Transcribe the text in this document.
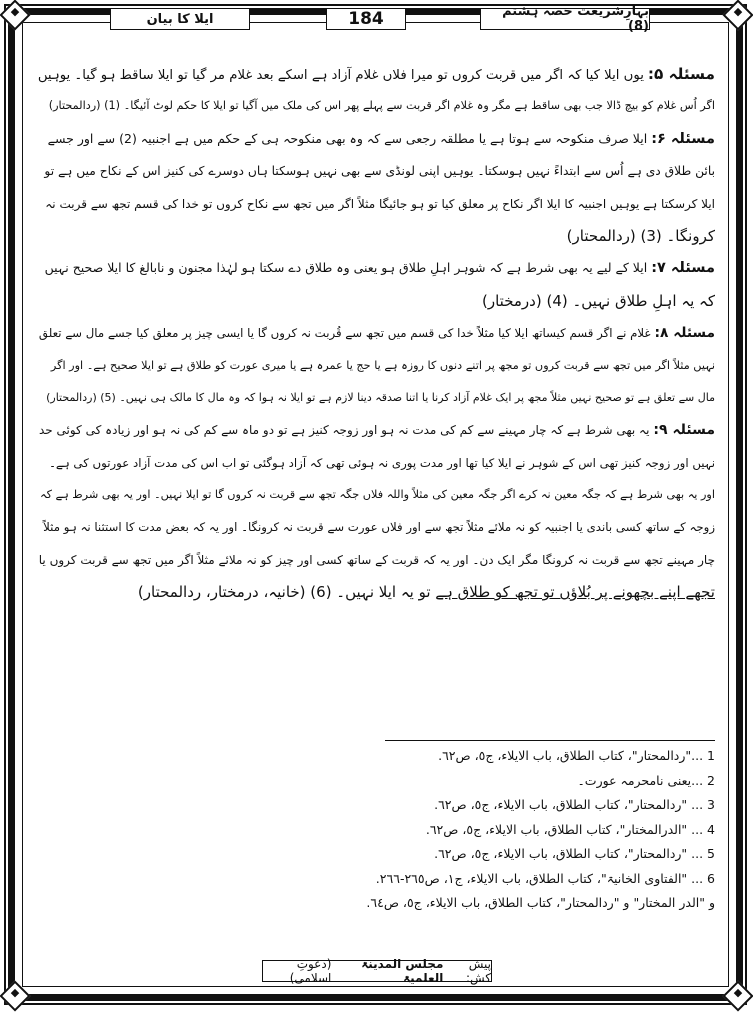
بہارِشریعت حصہ ہشتم (8)
184
ایلا کا بیان
مسئلہ ۵:یوں ایلا کیا کہ اگر میں قربت کروں تو میرا فلاں غلام آزاد ہے اسکے بعد غلام مر گیا تو ایلا ساقط ہو گیا۔ یوہیں
اگر اُس غلام کو بیچ ڈالا جب بھی ساقط ہے مگر وہ غلام اگر قربت سے پہلے پھر اس کی ملک میں آگیا تو ایلا کا حکم لوٹ آئیگا۔ (1) (ردالمحتار)
مسئلہ ۶:ایلا صرف منکوحہ سے ہوتا ہے یا مطلقہ رجعی سے کہ وہ بھی منکوحہ ہی کے حکم میں ہے اجنبیہ (2) سے اور جسے
بائن طلاق دی ہے اُس سے ابتداءً نہیں ہوسکتا۔ یوہیں اپنی لونڈی سے بھی نہیں ہوسکتا ہاں دوسرے کی کنیز اس کے نکاح میں ہے تو
ایلا کرسکتا ہے یوہیں اجنبیہ کا ایلا اگر نکاح پر معلق کیا تو ہو جائیگا مثلاً اگر میں تجھ سے نکاح کروں تو خدا کی قسم تجھ سے قربت نہ
کرونگا۔ (3) (ردالمحتار)
مسئلہ ۷:ایلا کے لیے یہ بھی شرط ہے کہ شوہر اہلِ طلاق ہو یعنی وہ طلاق دے سکتا ہو لہٰذا مجنون و نابالغ کا ایلا صحیح نہیں
کہ یہ اہلِ طلاق نہیں۔ (4) (درمختار)
مسئلہ ۸:غلام نے اگر قسم کیساتھ ایلا کیا مثلاً خدا کی قسم میں تجھ سے قُربت نہ کروں گا یا ایسی چیز پر معلق کیا جسے مال سے تعلق
نہیں مثلاً اگر میں تجھ سے قربت کروں تو مجھ پر اتنے دنوں کا روزہ ہے یا حج یا عمرہ ہے یا میری عورت کو طلاق ہے تو ایلا صحیح ہے۔ اور اگر
مال سے تعلق ہے تو صحیح نہیں مثلاً مجھ پر ایک غلام آزاد کرنا یا اتنا صدقہ دینا لازم ہے تو ایلا نہ ہوا کہ وہ مال کا مالک ہی نہیں۔ (5) (ردالمحتار)
مسئلہ ۹:یہ بھی شرط ہے کہ چار مہینے سے کم کی مدت نہ ہو اور زوجہ کنیز ہے تو دو ماہ سے کم کی نہ ہو اور زیادہ کی کوئی حد
نہیں اور زوجہ کنیز تھی اس کے شوہر نے ایلا کیا تھا اور مدت پوری نہ ہوئی تھی کہ آزاد ہوگئی تو اب اس کی مدت آزاد عورتوں کی ہے۔
اور یہ بھی شرط ہے کہ جگہ معین نہ کرے اگر جگہ معین کی مثلاً واللہ فلاں جگہ تجھ سے قربت نہ کروں گا تو ایلا نہیں۔ اور یہ بھی شرط ہے کہ
زوجہ کے ساتھ کسی باندی یا اجنبیہ کو نہ ملائے مثلاً تجھ سے اور فلاں عورت سے قربت نہ کرونگا۔ اور یہ کہ بعض مدت کا استثنا نہ ہو مثلاً
چار مہینے تجھ سے قربت نہ کرونگا مگر ایک دن۔ اور یہ کہ قربت کے ساتھ کسی اور چیز کو نہ ملائے مثلاً اگر میں تجھ سے قربت کروں یا
تجھے اپنے بچھونے پر بُلاؤں تو تجھ کو طلاق ہے تو یہ ایلا نہیں۔ (6) (خانیہ، درمختار، ردالمحتار)
1 ..."ردالمحتار"، کتاب الطلاق، باب الایلاء، ج٥، ص٦٢.
2 ...یعنی نامحرمہ عورت۔
3 ... "ردالمحتار"، کتاب الطلاق، باب الایلاء، ج٥، ص٦٢.
4 ... "الدرالمختار"، کتاب الطلاق، باب الایلاء، ج٥، ص٦٢.
5 ... "ردالمحتار"، کتاب الطلاق، باب الایلاء، ج٥، ص٦٢.
6 ... "الفتاوی الخانیۃ"، کتاب الطلاق، باب الایلاء، ج١، ص٢٦٥-٢٦٦.
و "الدر المختار" و "ردالمحتار"، کتاب الطلاق، باب الایلاء، ج٥، ص٦٤.
پیش کش:
مجلس المدینۃ العلمیۃ
(دعوتِ اسلامی)
